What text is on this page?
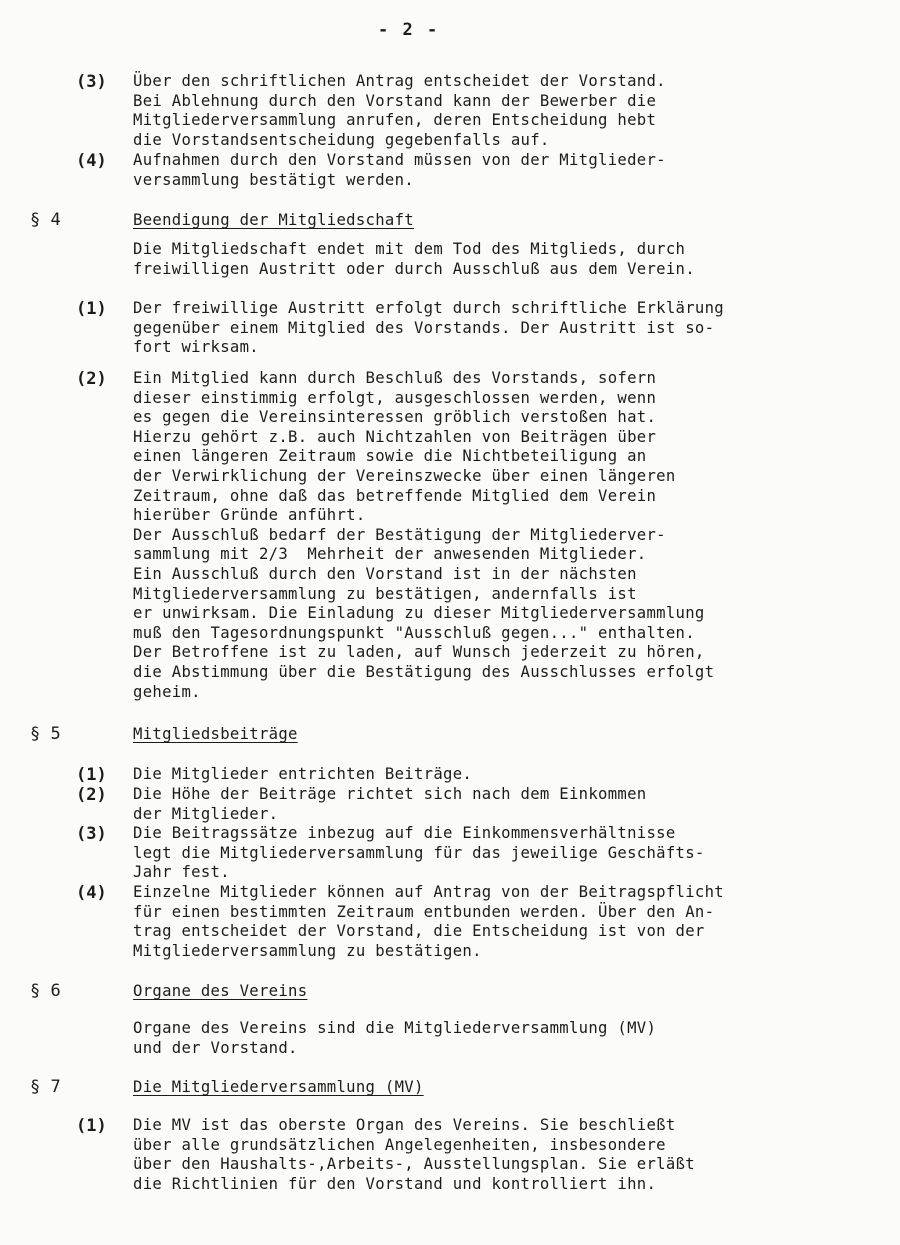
- 2 -
(3) Über den schriftlichen Antrag entscheidet der Vorstand.
Bei Ablehnung durch den Vorstand kann der Bewerber die
Mitgliederversammlung anrufen, deren Entscheidung hebt
die Vorstandsentscheidung gegebenfalls auf.
(4) Aufnahmen durch den Vorstand müssen von der Mitglieder-
versammlung bestätigt werden.
§ 4	Beendigung der Mitgliedschaft
Die Mitgliedschaft endet mit dem Tod des Mitglieds, durch
freiwilligen Austritt oder durch Ausschluß aus dem Verein.
(1) Der freiwillige Austritt erfolgt durch schriftliche Erklärung
gegenüber einem Mitglied des Vorstands. Der Austritt ist so-
fort wirksam.
(2) Ein Mitglied kann durch Beschluß des Vorstands, sofern
dieser einstimmig erfolgt, ausgeschlossen werden, wenn
es gegen die Vereinsinteressen gröblich verstoßen hat.
Hierzu gehört z.B. auch Nichtzahlen von Beiträgen über
einen längeren Zeitraum sowie die Nichtbeteiligung an
der Verwirklichung der Vereinszwecke über einen längeren
Zeitraum, ohne daß das betreffende Mitglied dem Verein
hierüber Gründe anführt.
Der Ausschluß bedarf der Bestätigung der Mitgliederver-
sammlung mit 2/3  Mehrheit der anwesenden Mitglieder.
Ein Ausschluß durch den Vorstand ist in der nächsten
Mitgliederversammlung zu bestätigen, andernfalls ist
er unwirksam. Die Einladung zu dieser Mitgliederversammlung
muß den Tagesordnungspunkt "Ausschluß gegen..." enthalten.
Der Betroffene ist zu laden, auf Wunsch jederzeit zu hören,
die Abstimmung über die Bestätigung des Ausschlusses erfolgt
geheim.
§ 5	Mitgliedsbeiträge
(1) Die Mitglieder entrichten Beiträge.
(2) Die Höhe der Beiträge richtet sich nach dem Einkommen
der Mitglieder.
(3) Die Beitragssätze inbezug auf die Einkommensverhältnisse
legt die Mitgliederversammlung für das jeweilige Geschäfts-
Jahr fest.
(4) Einzelne Mitglieder können auf Antrag von der Beitragspflicht
für einen bestimmten Zeitraum entbunden werden. Über den An-
trag entscheidet der Vorstand, die Entscheidung ist von der
Mitgliederversammlung zu bestätigen.
§ 6	Organe des Vereins
Organe des Vereins sind die Mitgliederversammlung (MV)
und der Vorstand.
§ 7	Die Mitgliederversammlung (MV)
(1) Die MV ist das oberste Organ des Vereins. Sie beschließt
über alle grundsätzlichen Angelegenheiten, insbesondere
über den Haushalts-,Arbeits-, Ausstellungsplan. Sie erläßt
die Richtlinien für den Vorstand und kontrolliert ihn.
